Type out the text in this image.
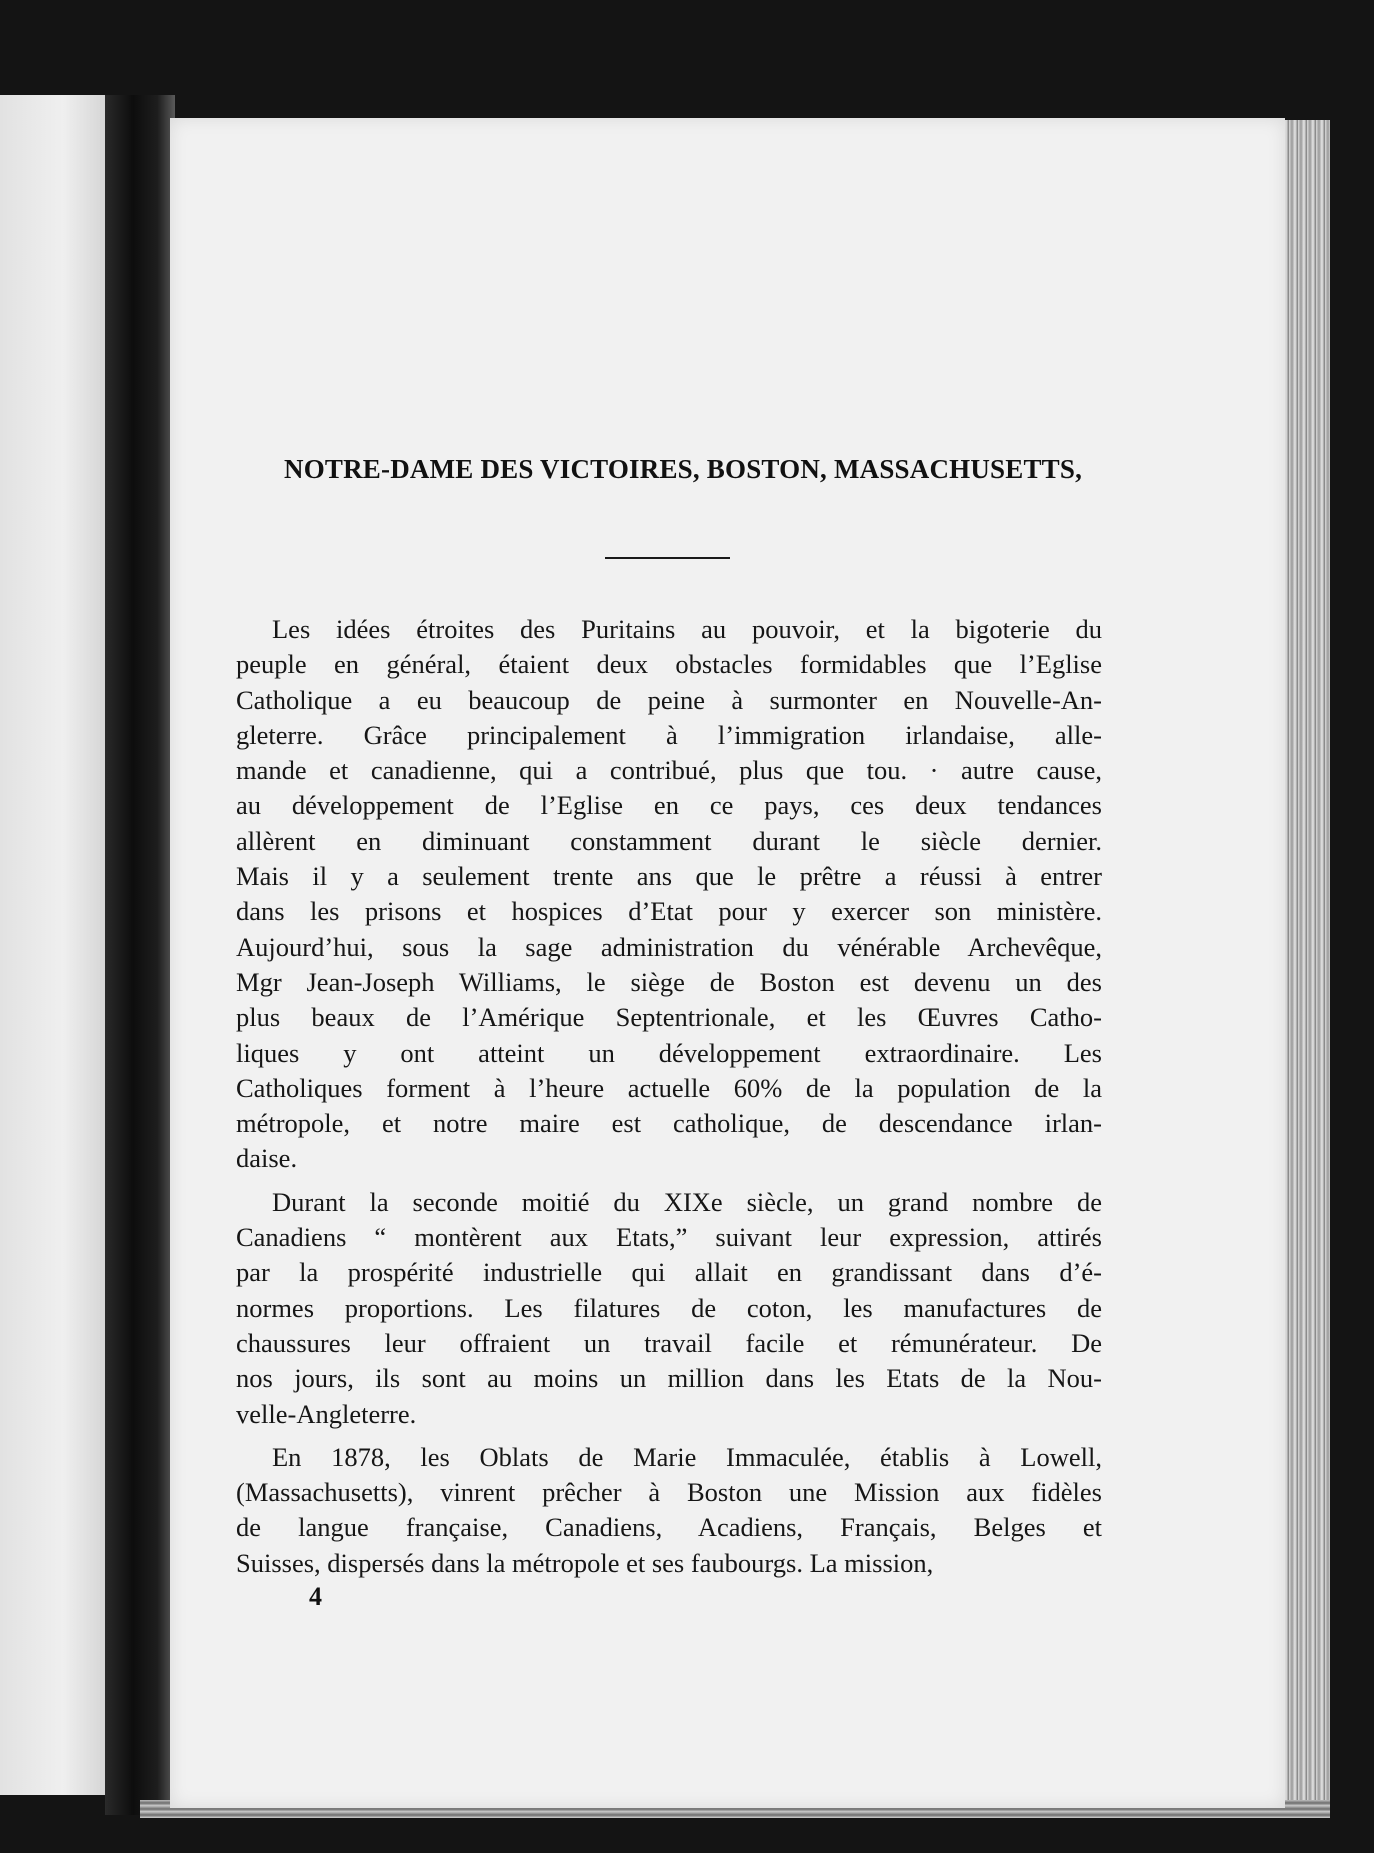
NOTRE-DAME DES VICTOIRES, BOSTON, MASSACHUSETTS,
Les idées étroites des Puritains au pouvoir, et la bigoterie du
peuple en général, étaient deux obstacles formidables que l’Eglise
Catholique a eu beaucoup de peine à surmonter en Nouvelle-An-
gleterre. Grâce principalement à l’immigration irlandaise, alle-
mande et canadienne, qui a contribué, plus que tou. · autre cause,
au développement de l’Eglise en ce pays, ces deux tendances
allèrent en diminuant constamment durant le siècle dernier.
Mais il y a seulement trente ans que le prêtre a réussi à entrer
dans les prisons et hospices d’Etat pour y exercer son ministère.
Aujourd’hui, sous la sage administration du vénérable Archevêque,
Mgr Jean-Joseph Williams, le siège de Boston est devenu un des
plus beaux de l’Amérique Septentrionale, et les Œuvres Catho-
liques y ont atteint un développement extraordinaire. Les
Catholiques forment à l’heure actuelle 60% de la population de la
métropole, et notre maire est catholique, de descendance irlan-
daise.
Durant la seconde moitié du XIXe siècle, un grand nombre de
Canadiens “ montèrent aux Etats,” suivant leur expression, attirés
par la prospérité industrielle qui allait en grandissant dans d’é-
normes proportions. Les filatures de coton, les manufactures de
chaussures leur offraient un travail facile et rémunérateur. De
nos jours, ils sont au moins un million dans les Etats de la Nou-
velle-Angleterre.
En 1878, les Oblats de Marie Immaculée, établis à Lowell,
(Massachusetts), vinrent prêcher à Boston une Mission aux fidèles
de langue française, Canadiens, Acadiens, Français, Belges et
Suisses, dispersés dans la métropole et ses faubourgs. La mission,
4
